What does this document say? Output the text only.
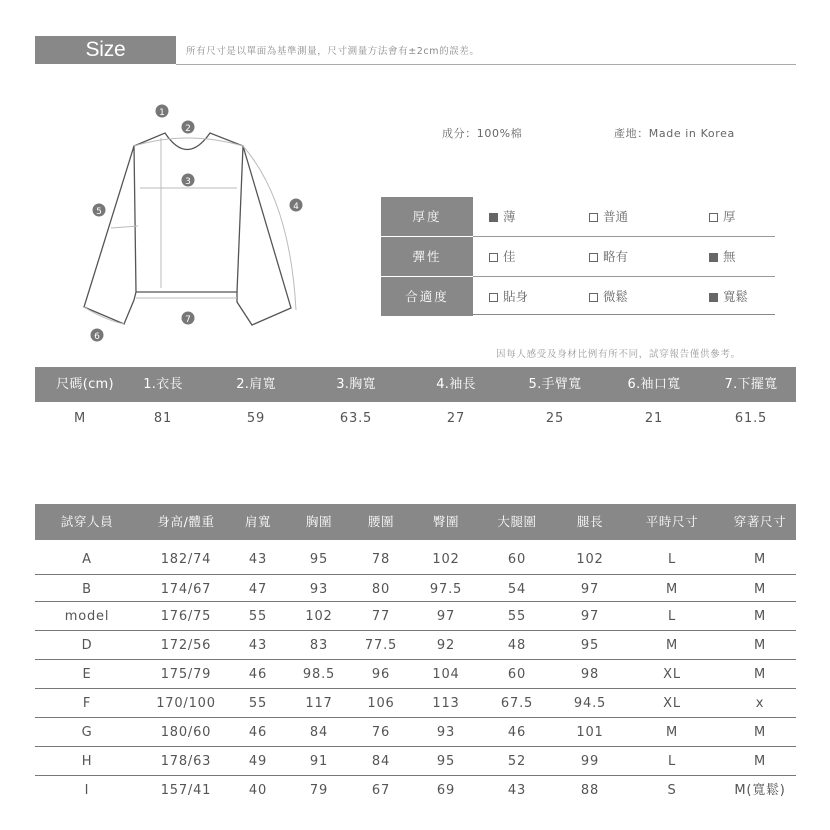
Size Information
所有尺寸是以單面為基準測量，尺寸測量方法會有±2cm的誤差。
1
2
3
4
5
6
7
成分：100%棉	產地：Made in Korea
厚度	薄	普通	厚
彈性	佳	略有	無
合適度	貼身	微鬆	寬鬆
因每人感受及身材比例有所不同，試穿報告僅供參考。
尺碼(cm)	1.衣長	2.肩寬	3.胸寬	4.袖長	5.手臂寬	6.袖口寬	7.下擺寬
M	81	59	63.5	27	25	21	61.5
試穿人員	身高/體重	肩寬	胸圍	腰圍	臀圍	大腿圍	腿長	平時尺寸	穿著尺寸
A	182/74	43	95	78	102	60	102	L	M
B	174/67	47	93	80	97.5	54	97	M	M
model	176/75	55	102	77	97	55	97	L	M
D	172/56	43	83	77.5	92	48	95	M	M
E	175/79	46	98.5	96	104	60	98	XL	M
F	170/100	55	117	106	113	67.5	94.5	XL	x
G	180/60	46	84	76	93	46	101	M	M
H	178/63	49	91	84	95	52	99	L	M
I	157/41	40	79	67	69	43	88	S	M(寬鬆)
